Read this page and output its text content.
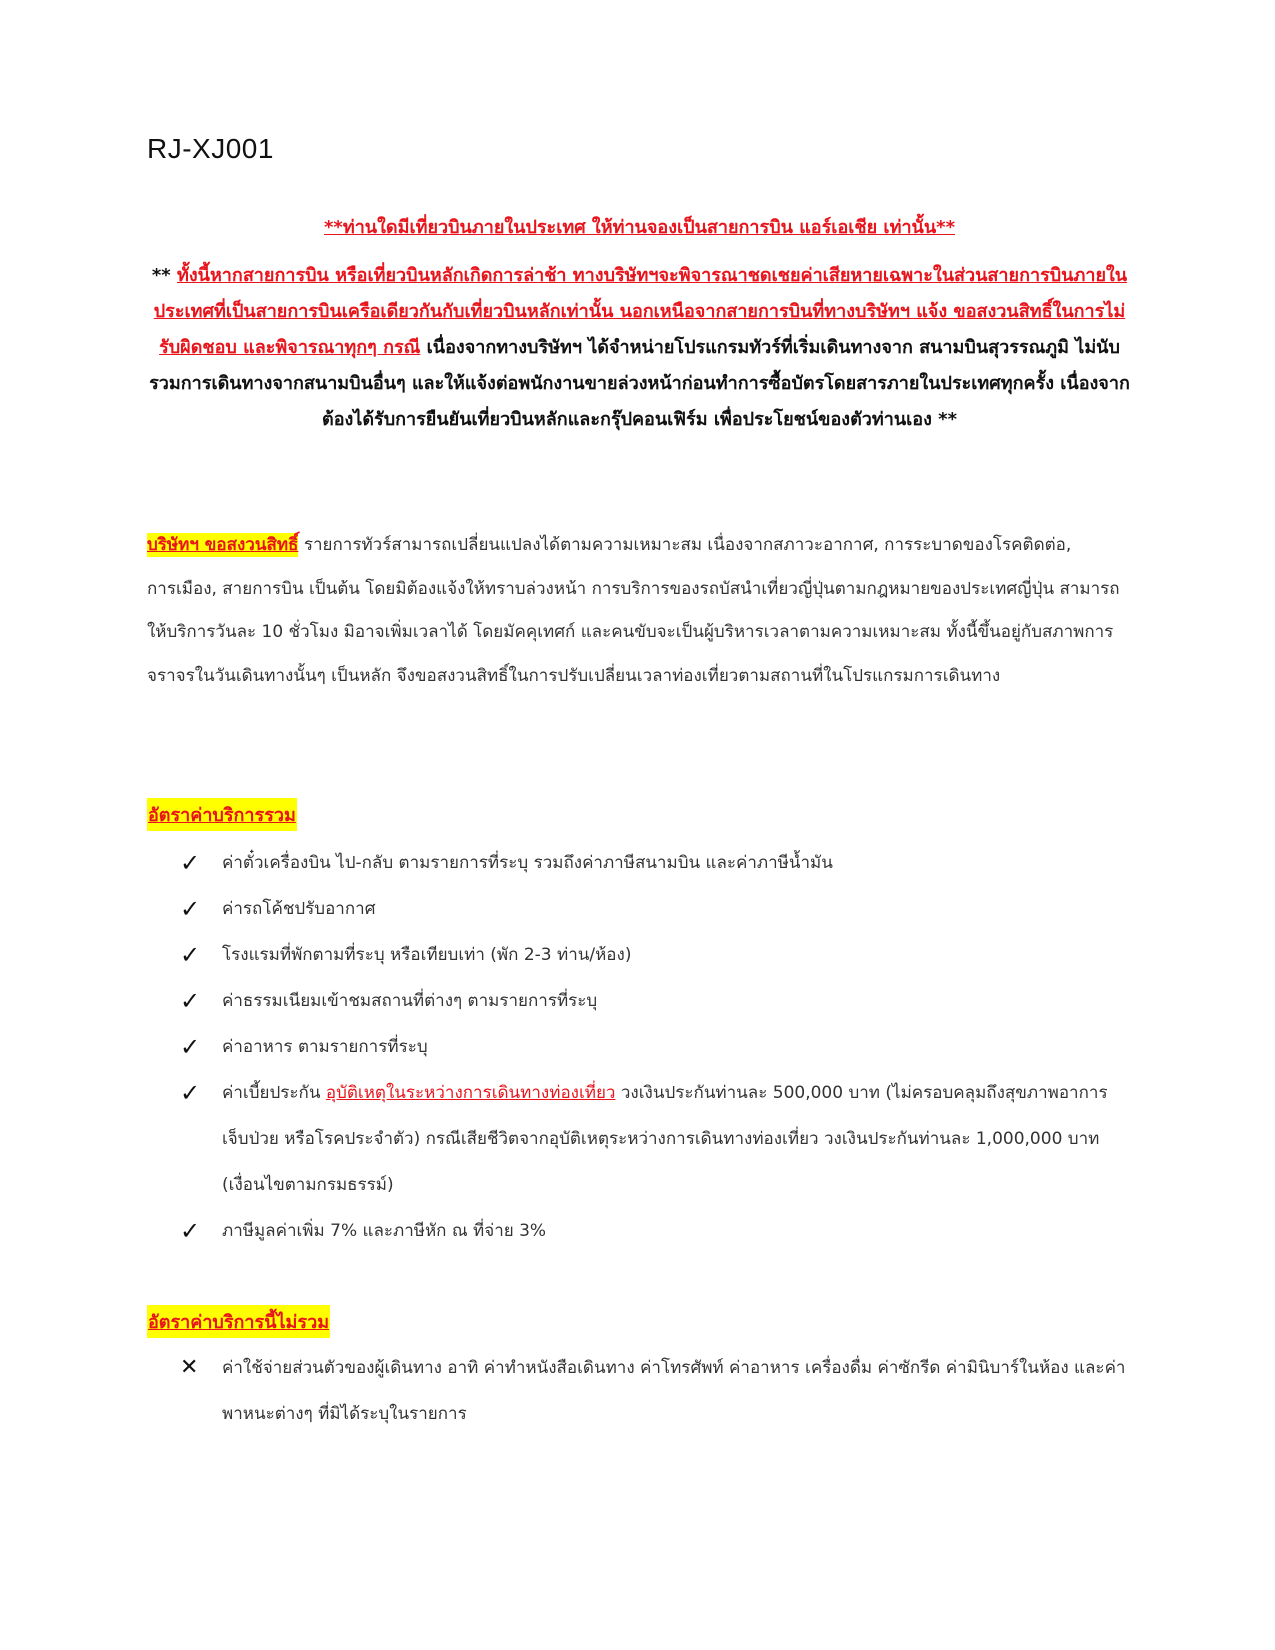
RJ-XJ001
**ท่านใดมีเที่ยวบินภายในประเทศ ให้ท่านจองเป็นสายการบิน แอร์เอเชีย เท่านั้น**
** ทั้งนี้หากสายการบิน หรือเที่ยวบินหลักเกิดการล่าช้า ทางบริษัทฯจะพิจารณาชดเชยค่าเสียหายเฉพาะในส่วนสายการบินภายในประเทศที่เป็นสายการบินเครือเดียวกันกับเที่ยวบินหลักเท่านั้น นอกเหนือจากสายการบินที่ทางบริษัทฯ แจ้ง ขอสงวนสิทธิ์ในการไม่รับผิดชอบ และพิจารณาทุกๆ กรณี เนื่องจากทางบริษัทฯ ได้จำหน่ายโปรแกรมทัวร์ที่เริ่มเดินทางจาก สนามบินสุวรรณภูมิ ไม่นับรวมการเดินทางจากสนามบินอื่นๆ และให้แจ้งต่อพนักงานขายล่วงหน้าก่อนทำการซื้อบัตรโดยสารภายในประเทศทุกครั้ง เนื่องจากต้องได้รับการยืนยันเที่ยวบินหลักและกรุ๊ปคอนเฟิร์ม เพื่อประโยชน์ของตัวท่านเอง **
บริษัทฯ ขอสงวนสิทธิ์ รายการทัวร์สามารถเปลี่ยนแปลงได้ตามความเหมาะสม เนื่องจากสภาวะอากาศ, การระบาดของโรคติดต่อ, การเมือง, สายการบิน เป็นต้น โดยมิต้องแจ้งให้ทราบล่วงหน้า การบริการของรถบัสนำเที่ยวญี่ปุ่นตามกฎหมายของประเทศญี่ปุ่น สามารถให้บริการวันละ 10 ชั่วโมง มิอาจเพิ่มเวลาได้ โดยมัคคุเทศก์ และคนขับจะเป็นผู้บริหารเวลาตามความเหมาะสม ทั้งนี้ขึ้นอยู่กับสภาพการจราจรในวันเดินทางนั้นๆ เป็นหลัก จึงขอสงวนสิทธิ์ในการปรับเปลี่ยนเวลาท่องเที่ยวตามสถานที่ในโปรแกรมการเดินทาง
อัตราค่าบริการรวม
✓ ค่าตั๋วเครื่องบิน ไป-กลับ ตามรายการที่ระบุ รวมถึงค่าภาษีสนามบิน และค่าภาษีน้ำมัน
✓ ค่ารถโค้ชปรับอากาศ
✓ โรงแรมที่พักตามที่ระบุ หรือเทียบเท่า (พัก 2-3 ท่าน/ห้อง)
✓ ค่าธรรมเนียมเข้าชมสถานที่ต่างๆ ตามรายการที่ระบุ
✓ ค่าอาหาร ตามรายการที่ระบุ
✓ ค่าเบี้ยประกัน อุบัติเหตุในระหว่างการเดินทางท่องเที่ยว วงเงินประกันท่านละ 500,000 บาท (ไม่ครอบคลุมถึงสุขภาพอาการเจ็บป่วย หรือโรคประจำตัว) กรณีเสียชีวิตจากอุบัติเหตุระหว่างการเดินทางท่องเที่ยว วงเงินประกันท่านละ 1,000,000 บาท (เงื่อนไขตามกรมธรรม์)
✓ ภาษีมูลค่าเพิ่ม 7% และภาษีหัก ณ ที่จ่าย 3%
อัตราค่าบริการนี้ไม่รวม
✕ ค่าใช้จ่ายส่วนตัวของผู้เดินทาง อาทิ ค่าทำหนังสือเดินทาง ค่าโทรศัพท์ ค่าอาหาร เครื่องดื่ม ค่าซักรีด ค่ามินิบาร์ในห้อง และค่าพาหนะต่างๆ ที่มิได้ระบุในรายการ
